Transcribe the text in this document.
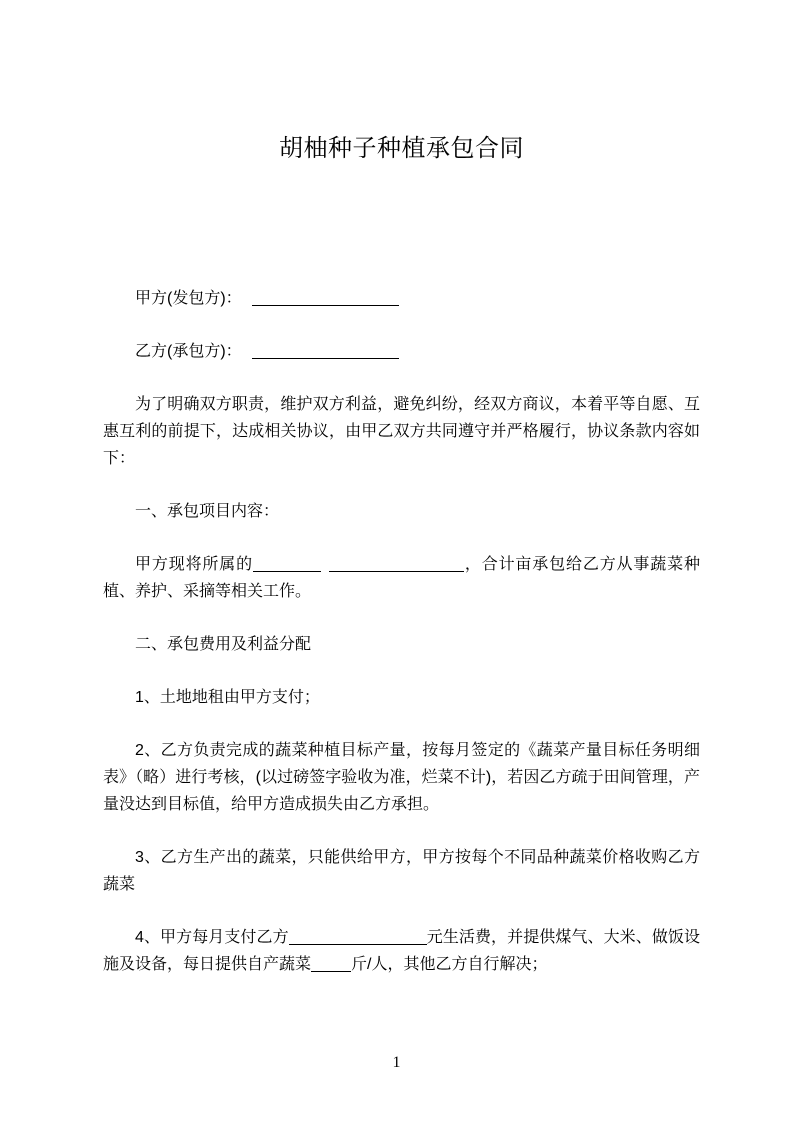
胡柚种子种植承包合同

甲方(发包方)：

乙方(承包方)：

为了明确双方职责，维护双方利益，避免纠纷，经双方商议，本着平等自愿、互惠互利的前提下，达成相关协议，由甲乙双方共同遵守并严格履行，协议条款内容如下：

一、承包项目内容：

甲方现将所属的	，合计亩承包给乙方从事蔬菜种植、养护、采摘等相关工作。

二、承包费用及利益分配

1、土地地租由甲方支付；

2、乙方负责完成的蔬菜种植目标产量，按每月签定的《蔬菜产量目标任务明细表》（略）进行考核，(以过磅签字验收为准，烂菜不计)，若因乙方疏于田间管理，产量没达到目标值，给甲方造成损失由乙方承担。

3、乙方生产出的蔬菜，只能供给甲方，甲方按每个不同品种蔬菜价格收购乙方蔬菜

4、甲方每月支付乙方	元生活费，并提供煤气、大米、做饭设施及设备，每日提供自产蔬菜	斤/人，其他乙方自行解决；

1
